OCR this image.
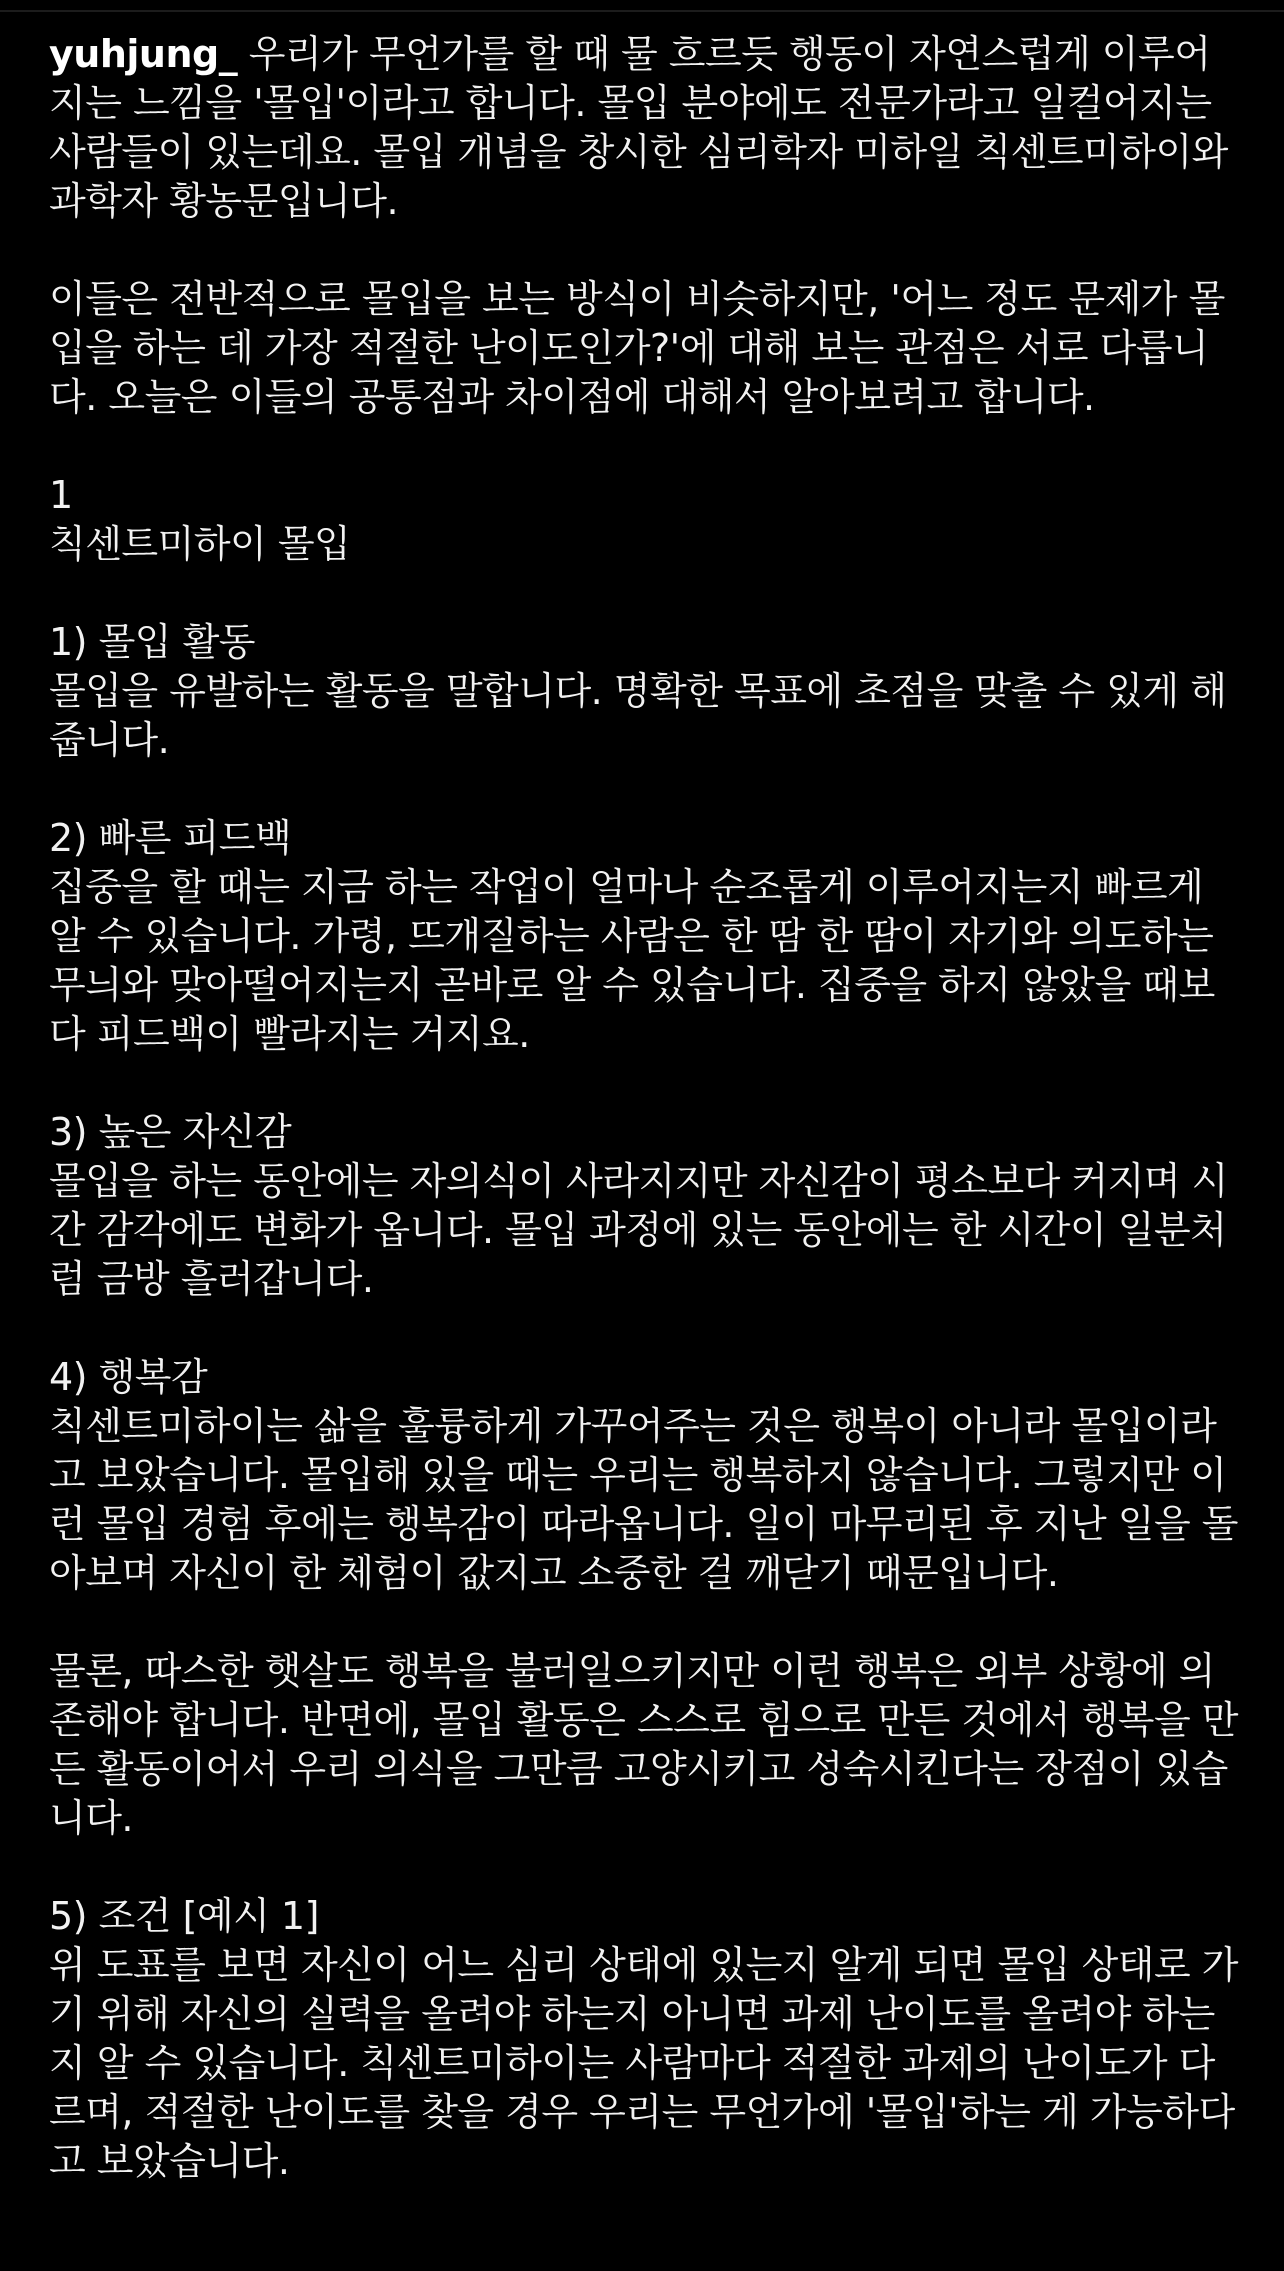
yuhjung_ 우리가 무언가를 할 때 물 흐르듯 행동이 자연스럽게 이루어지는 느낌을 '몰입'이라고 합니다. 몰입 분야에도 전문가라고 일컬어지는 사람들이 있는데요. 몰입 개념을 창시한 심리학자 미하일 칙센트미하이와 과학자 황농문입니다.

이들은 전반적으로 몰입을 보는 방식이 비슷하지만, '어느 정도 문제가 몰입을 하는 데 가장 적절한 난이도인가?'에 대해 보는 관점은 서로 다릅니다. 오늘은 이들의 공통점과 차이점에 대해서 알아보려고 합니다.

1
칙센트미하이 몰입

1) 몰입 활동
몰입을 유발하는 활동을 말합니다. 명확한 목표에 초점을 맞출 수 있게 해줍니다.

2) 빠른 피드백
집중을 할 때는 지금 하는 작업이 얼마나 순조롭게 이루어지는지 빠르게 알 수 있습니다. 가령, 뜨개질하는 사람은 한 땀 한 땀이 자기와 의도하는 무늬와 맞아떨어지는지 곧바로 알 수 있습니다. 집중을 하지 않았을 때보다 피드백이 빨라지는 거지요.

3) 높은 자신감
몰입을 하는 동안에는 자의식이 사라지지만 자신감이 평소보다 커지며 시간 감각에도 변화가 옵니다. 몰입 과정에 있는 동안에는 한 시간이 일분처럼 금방 흘러갑니다.

4) 행복감
칙센트미하이는 삶을 훌륭하게 가꾸어주는 것은 행복이 아니라 몰입이라고 보았습니다. 몰입해 있을 때는 우리는 행복하지 않습니다. 그렇지만 이런 몰입 경험 후에는 행복감이 따라옵니다. 일이 마무리된 후 지난 일을 돌아보며 자신이 한 체험이 값지고 소중한 걸 깨닫기 때문입니다.

물론, 따스한 햇살도 행복을 불러일으키지만 이런 행복은 외부 상황에 의존해야 합니다. 반면에, 몰입 활동은 스스로 힘으로 만든 것에서 행복을 만든 활동이어서 우리 의식을 그만큼 고양시키고 성숙시킨다는 장점이 있습니다.

5) 조건 [예시 1]
위 도표를 보면 자신이 어느 심리 상태에 있는지 알게 되면 몰입 상태로 가기 위해 자신의 실력을 올려야 하는지 아니면 과제 난이도를 올려야 하는지 알 수 있습니다. 칙센트미하이는 사람마다 적절한 과제의 난이도가 다르며, 적절한 난이도를 찾을 경우 우리는 무언가에 '몰입'하는 게 가능하다고 보았습니다.
